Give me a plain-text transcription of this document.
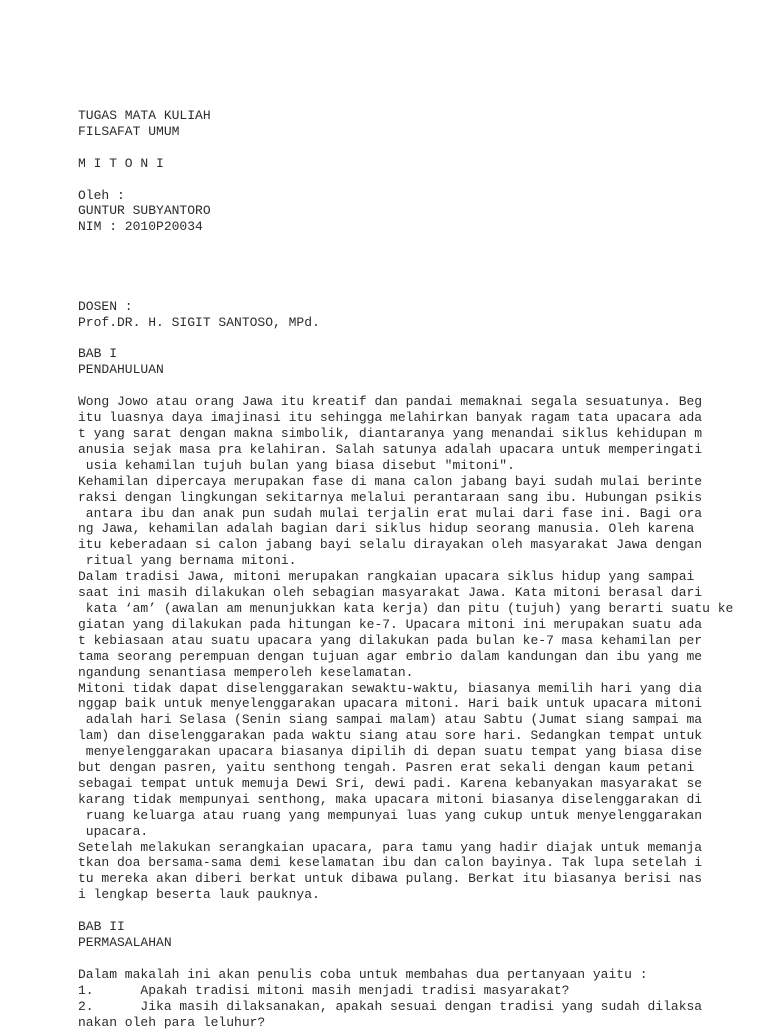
TUGAS MATA KULIAH
FILSAFAT UMUM
M I T O N I
Oleh :
GUNTUR SUBYANTORO
NIM : 2010P20034
DOSEN :
Prof.DR. H. SIGIT SANTOSO, MPd.
BAB I
PENDAHULUAN
Wong Jowo atau orang Jawa itu kreatif dan pandai memaknai segala sesuatunya. Beg
itu luasnya daya imajinasi itu sehingga melahirkan banyak ragam tata upacara ada
t yang sarat dengan makna simbolik, diantaranya yang menandai siklus kehidupan m
anusia sejak masa pra kelahiran. Salah satunya adalah upacara untuk memperingati
usia kehamilan tujuh bulan yang biasa disebut "mitoni".
Kehamilan dipercaya merupakan fase di mana calon jabang bayi sudah mulai berinte
raksi dengan lingkungan sekitarnya melalui perantaraan sang ibu. Hubungan psikis
antara ibu dan anak pun sudah mulai terjalin erat mulai dari fase ini. Bagi ora
ng Jawa, kehamilan adalah bagian dari siklus hidup seorang manusia. Oleh karena
itu keberadaan si calon jabang bayi selalu dirayakan oleh masyarakat Jawa dengan
ritual yang bernama mitoni.
Dalam tradisi Jawa, mitoni merupakan rangkaian upacara siklus hidup yang sampai
saat ini masih dilakukan oleh sebagian masyarakat Jawa. Kata mitoni berasal dari
kata ‘am’ (awalan am menunjukkan kata kerja) dan pitu (tujuh) yang berarti suatu ke
giatan yang dilakukan pada hitungan ke-7. Upacara mitoni ini merupakan suatu ada
t kebiasaan atau suatu upacara yang dilakukan pada bulan ke-7 masa kehamilan per
tama seorang perempuan dengan tujuan agar embrio dalam kandungan dan ibu yang me
ngandung senantiasa memperoleh keselamatan.
Mitoni tidak dapat diselenggarakan sewaktu-waktu, biasanya memilih hari yang dia
nggap baik untuk menyelenggarakan upacara mitoni. Hari baik untuk upacara mitoni
adalah hari Selasa (Senin siang sampai malam) atau Sabtu (Jumat siang sampai ma
lam) dan diselenggarakan pada waktu siang atau sore hari. Sedangkan tempat untuk
menyelenggarakan upacara biasanya dipilih di depan suatu tempat yang biasa dise
but dengan pasren, yaitu senthong tengah. Pasren erat sekali dengan kaum petani
sebagai tempat untuk memuja Dewi Sri, dewi padi. Karena kebanyakan masyarakat se
karang tidak mempunyai senthong, maka upacara mitoni biasanya diselenggarakan di
ruang keluarga atau ruang yang mempunyai luas yang cukup untuk menyelenggarakan
upacara.
Setelah melakukan serangkaian upacara, para tamu yang hadir diajak untuk memanja
tkan doa bersama-sama demi keselamatan ibu dan calon bayinya. Tak lupa setelah i
tu mereka akan diberi berkat untuk dibawa pulang. Berkat itu biasanya berisi nas
i lengkap beserta lauk pauknya.
BAB II
PERMASALAHAN
Dalam makalah ini akan penulis coba untuk membahas dua pertanyaan yaitu :
1.      Apakah tradisi mitoni masih menjadi tradisi masyarakat?
2.      Jika masih dilaksanakan, apakah sesuai dengan tradisi yang sudah dilaksa
nakan oleh para leluhur?
